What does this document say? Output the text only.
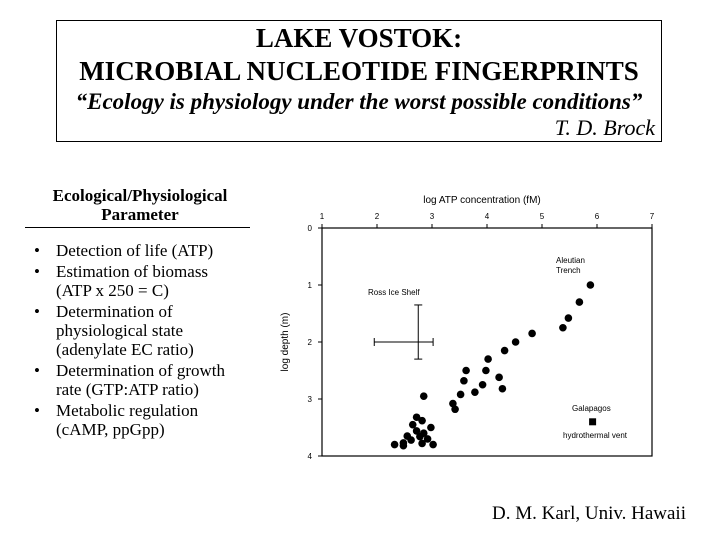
LAKE VOSTOK:
MICROBIAL NUCLEOTIDE FINGERPRINTS
“Ecology is physiology under the worst possible conditions”
T. D. Brock
Ecological/Physiological
Parameter
• Detection of life (ATP)
• Estimation of biomass
(ATP x 250 = C)
• Determination of
physiological state
(adenylate EC ratio)
• Determination of growth
rate (GTP:ATP ratio)
• Metabolic regulation
(cAMP, ppGpp)
log ATP concentration (fM)
log depth (m)
1	2	3	4	5	6	7
0
1
2
3
4
Ross Ice Shelf
Aleutian
Trench
Galapagos
hydrothermal vent
D. M. Karl, Univ. Hawaii
